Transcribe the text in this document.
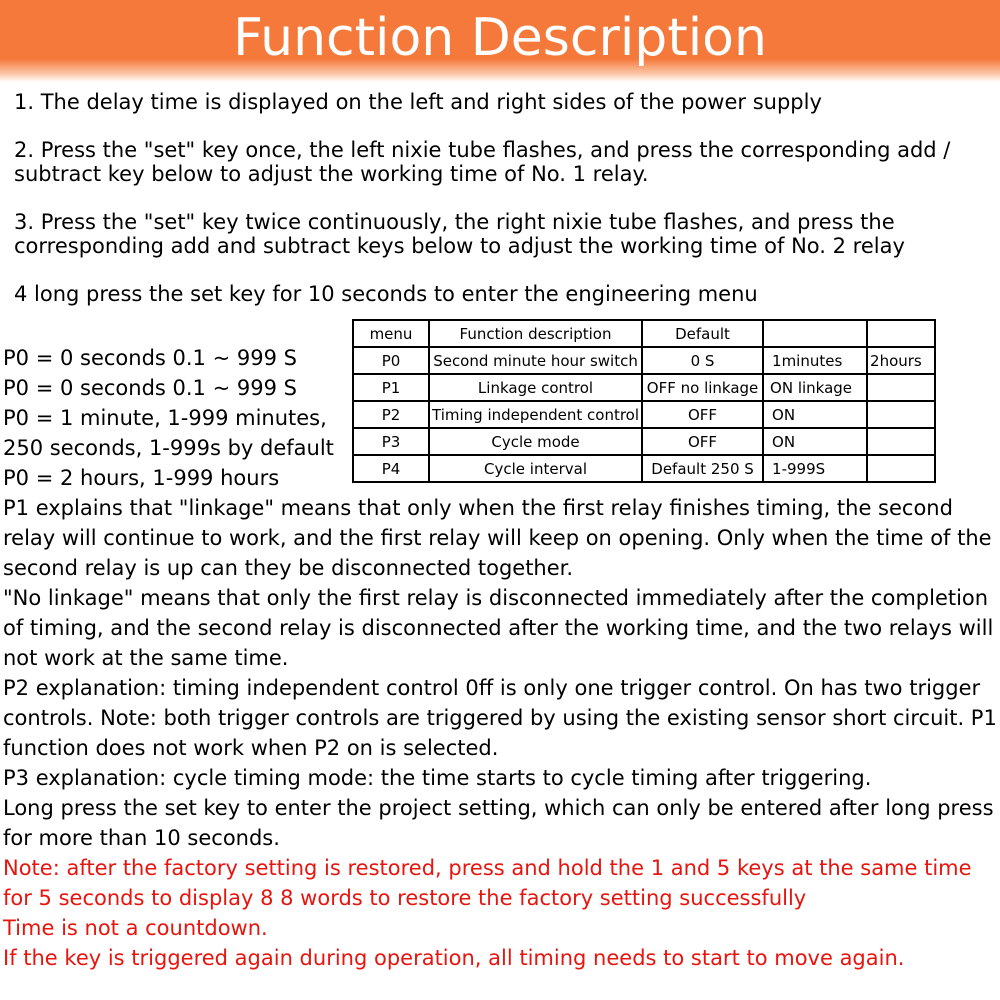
Function Description
1. The delay time is displayed on the left and right sides of the power supply
2. Press the "set" key once, the left nixie tube flashes, and press the corresponding add / subtract key below to adjust the working time of No. 1 relay.
3. Press the "set" key twice continuously, the right nixie tube flashes, and press the corresponding add and subtract keys below to adjust the working time of No. 2 relay
4 long press the set key for 10 seconds to enter the engineering menu
P0 = 0 seconds 0.1 ~ 999 S
P0 = 0 seconds 0.1 ~ 999 S
P0 = 1 minute, 1-999 minutes,
250 seconds, 1-999s by default
P0 = 2 hours, 1-999 hours
menu	Function description	Default		
P0	Second minute hour switch	0 S	1minutes	2hours
P1	Linkage control	OFF no linkage	ON linkage	
P2	Timing independent control	OFF	ON	
P3	Cycle mode	OFF	ON	
P4	Cycle interval	Default 250 S	1-999S	

P1 explains that "linkage" means that only when the first relay finishes timing, the second relay will continue to work, and the first relay will keep on opening. Only when the time of the second relay is up can they be disconnected together.

"No linkage" means that only the first relay is disconnected immediately after the completion of timing, and the second relay is disconnected after the working time, and the two relays will not work at the same time.

P2 explanation: timing independent control 0ff is only one trigger control. On has two trigger controls. Note: both trigger controls are triggered by using the existing sensor short circuit. P1 function does not work when P2 on is selected.

P3 explanation: cycle timing mode: the time starts to cycle timing after triggering.

Long press the set key to enter the project setting, which can only be entered after long press for more than 10 seconds.

Note: after the factory setting is restored, press and hold the 1 and 5 keys at the same time for 5 seconds to display 8 8 words to restore the factory setting successfully

Time is not a countdown.

If the key is triggered again during operation, all timing needs to start to move again.
